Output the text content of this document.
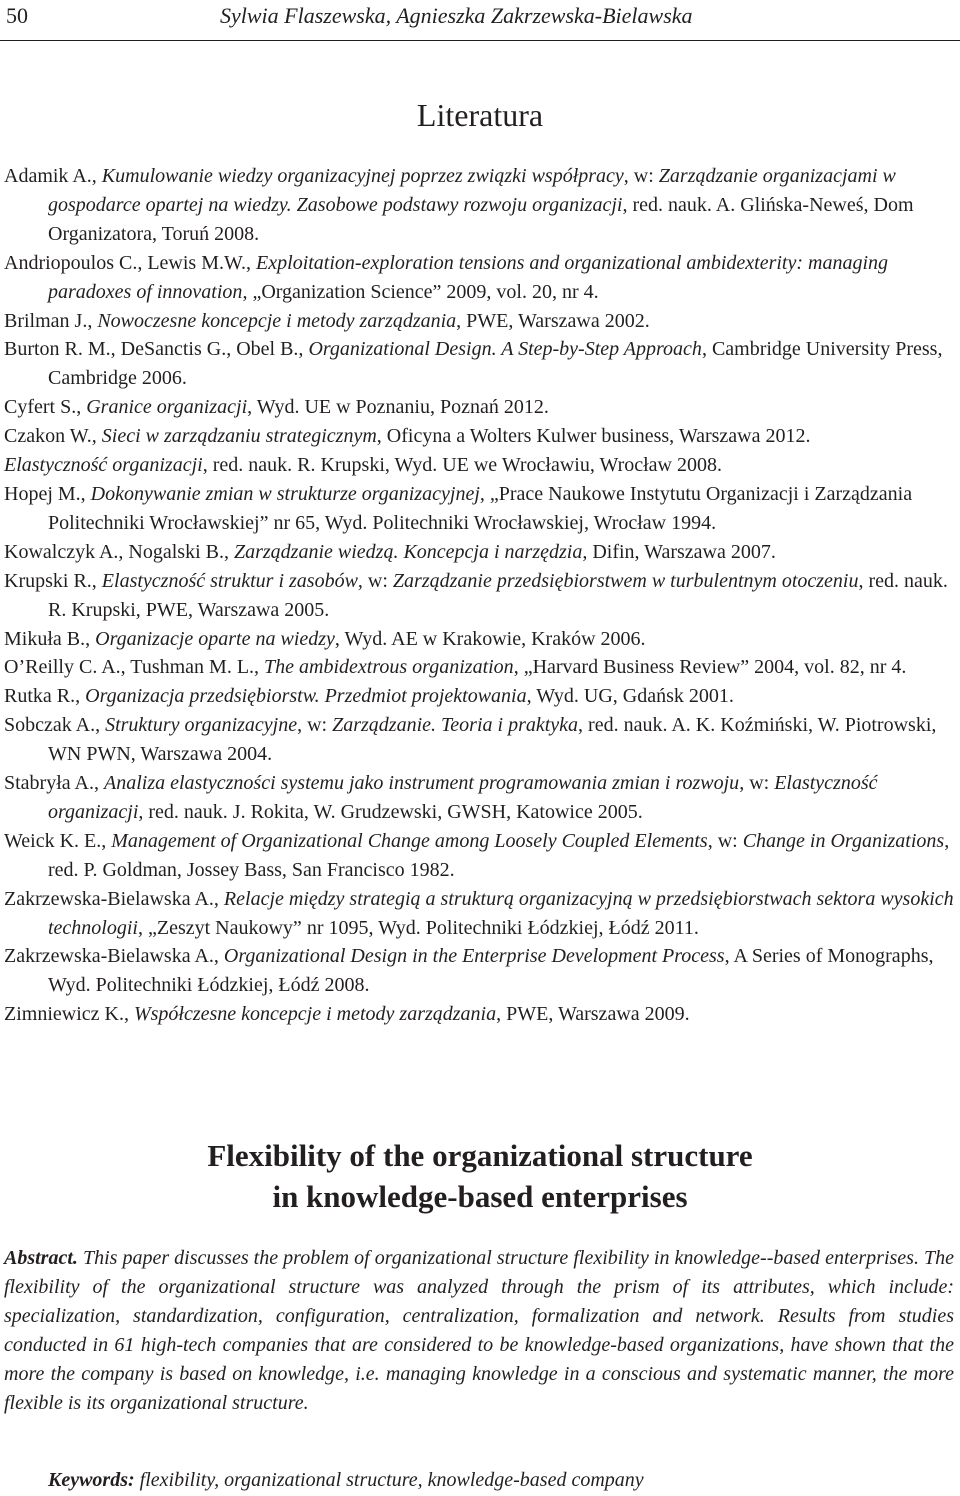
50	Sylwia Flaszewska, Agnieszka Zakrzewska-Bielawska
Literatura

Adamik A., Kumulowanie wiedzy organizacyjnej poprzez związki współpracy, w: Zarządzanie organizacjami w gospodarce opartej na wiedzy. Zasobowe podstawy rozwoju organizacji, red. nauk. A. Glińska-Neweś, Dom Organizatora, Toruń 2008.

Andriopoulos C., Lewis M.W., Exploitation-exploration tensions and organizational ambidexterity: managing paradoxes of innovation, „Organization Science” 2009, vol. 20, nr 4.

Brilman J., Nowoczesne koncepcje i metody zarządzania, PWE, Warszawa 2002.

Burton R. M., DeSanctis G., Obel B., Organizational Design. A Step-by-Step Approach, Cambridge University Press, Cambridge 2006.

Cyfert S., Granice organizacji, Wyd. UE w Poznaniu, Poznań 2012.

Czakon W., Sieci w zarządzaniu strategicznym, Oficyna a Wolters Kulwer business, Warszawa 2012.

Elastyczność organizacji, red. nauk. R. Krupski, Wyd. UE we Wrocławiu, Wrocław 2008.

Hopej M., Dokonywanie zmian w strukturze organizacyjnej, „Prace Naukowe Instytutu Organizacji i Zarządzania Politechniki Wrocławskiej” nr 65, Wyd. Politechniki Wrocławskiej, Wrocław 1994.

Kowalczyk A., Nogalski B., Zarządzanie wiedzą. Koncepcja i narzędzia, Difin, Warszawa 2007.

Krupski R., Elastyczność struktur i zasobów, w: Zarządzanie przedsiębiorstwem w turbulentnym otoczeniu, red. nauk. R. Krupski, PWE, Warszawa 2005.

Mikuła B., Organizacje oparte na wiedzy, Wyd. AE w Krakowie, Kraków 2006.

O’Reilly C. A., Tushman M. L., The ambidextrous organization, „Harvard Business Review” 2004, vol. 82, nr 4.

Rutka R., Organizacja przedsiębiorstw. Przedmiot projektowania, Wyd. UG, Gdańsk 2001.

Sobczak A., Struktury organizacyjne, w: Zarządzanie. Teoria i praktyka, red. nauk. A. K. Koźmiński, W. Piotrowski, WN PWN, Warszawa 2004.

Stabryła A., Analiza elastyczności systemu jako instrument programowania zmian i rozwoju, w: Elastyczność organizacji, red. nauk. J. Rokita, W. Grudzewski, GWSH, Katowice 2005.

Weick K. E., Management of Organizational Change among Loosely Coupled Elements, w: Change in Organizations, red. P. Goldman, Jossey Bass, San Francisco 1982.

Zakrzewska-Bielawska A., Relacje między strategią a strukturą organizacyjną w przedsiębiorstwach sektora wysokich technologii, „Zeszyt Naukowy” nr 1095, Wyd. Politechniki Łódzkiej, Łódź 2011.

Zakrzewska-Bielawska A., Organizational Design in the Enterprise Development Process, A Series of Monographs, Wyd. Politechniki Łódzkiej, Łódź 2008.

Zimniewicz K., Współczesne koncepcje i metody zarządzania, PWE, Warszawa 2009.

Flexibility of the organizational structure
in knowledge-based enterprises

Abstract. This paper discusses the problem of organizational structure flexibility in knowledge--based enterprises. The flexibility of the organizational structure was analyzed through the prism of its attributes, which include: specialization, standardization, configuration, centralization, formalization and network. Results from studies conducted in 61 high-tech companies that are considered to be knowledge-based organizations, have shown that the more the company is based on knowledge, i.e. managing knowledge in a conscious and systematic manner, the more flexible is its organizational structure.

Keywords: flexibility, organizational structure, knowledge-based company
